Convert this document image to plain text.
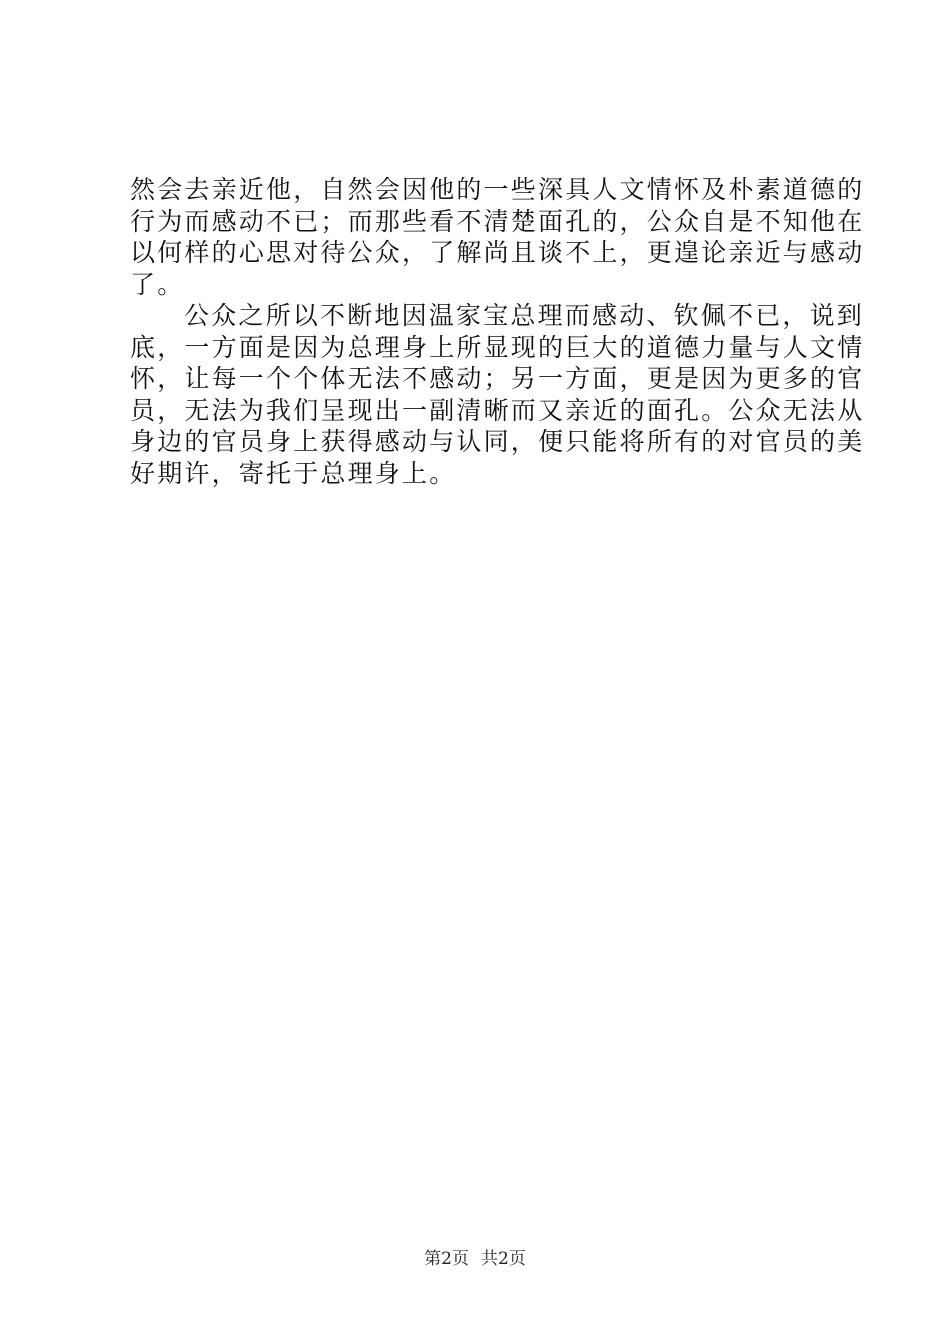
然会去亲近他，自然会因他的一些深具人文情怀及朴素道德的
行为而感动不已；而那些看不清楚面孔的，公众自是不知他在
以何样的心思对待公众，了解尚且谈不上，更遑论亲近与感动
了。
公众之所以不断地因温家宝总理而感动、钦佩不已，说到
底，一方面是因为总理身上所显现的巨大的道德力量与人文情
怀，让每一个个体无法不感动；另一方面，更是因为更多的官
员，无法为我们呈现出一副清晰而又亲近的面孔。公众无法从
身边的官员身上获得感动与认同，便只能将所有的对官员的美
好期许，寄托于总理身上。
第2页 共2页
